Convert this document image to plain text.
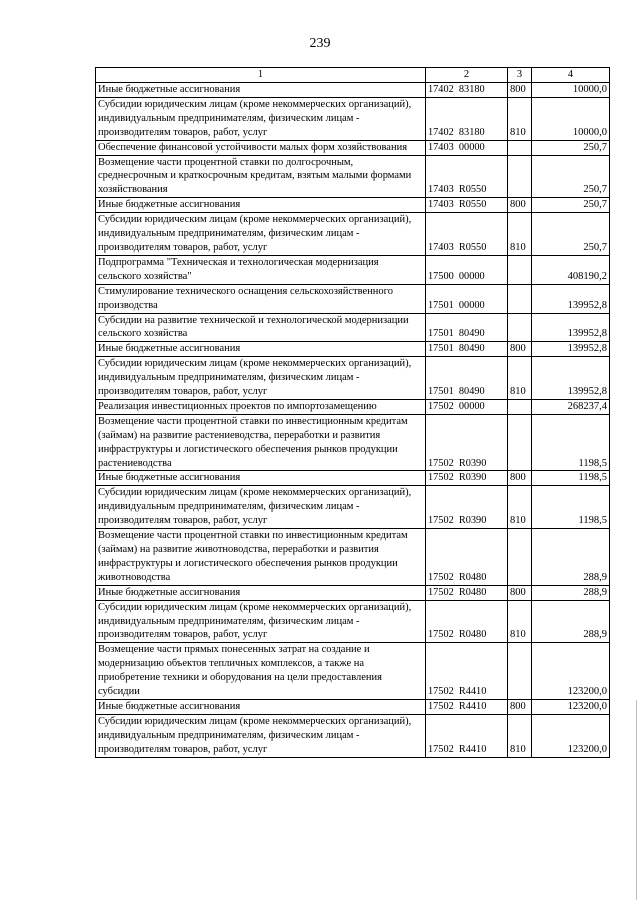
239
1	2	3	4
Иные бюджетные ассигнования	17402  83180	800	10000,0
Субсидии юридическим лицам (кроме некоммерческих организаций), индивидуальным предпринимателям, физическим лицам - производителям товаров, работ, услуг	17402  83180	810	10000,0
Обеспечение финансовой устойчивости малых форм хозяйствования	17403  00000		250,7
Возмещение части процентной ставки по долгосрочным, среднесрочным и краткосрочным кредитам, взятым малыми формами хозяйствования	17403  R0550		250,7
Иные бюджетные ассигнования	17403  R0550	800	250,7
Субсидии юридическим лицам (кроме некоммерческих организаций), индивидуальным предпринимателям, физическим лицам - производителям товаров, работ, услуг	17403  R0550	810	250,7
Подпрограмма "Техническая и технологическая модернизация сельского хозяйства"	17500  00000		408190,2
Стимулирование технического оснащения сельскохозяйственного производства	17501  00000		139952,8
Субсидии на развитие технической и технологической модернизации сельского хозяйства	17501  80490		139952,8
Иные бюджетные ассигнования	17501  80490	800	139952,8
Субсидии юридическим лицам (кроме некоммерческих организаций), индивидуальным предпринимателям, физическим лицам - производителям товаров, работ, услуг	17501  80490	810	139952,8
Реализация инвестиционных проектов по импортозамещению	17502  00000		268237,4
Возмещение части процентной ставки по инвестиционным кредитам (займам) на развитие растениеводства, переработки и развития инфраструктуры и логистического обеспечения рынков продукции растениеводства	17502  R0390		1198,5
Иные бюджетные ассигнования	17502  R0390	800	1198,5
Субсидии юридическим лицам (кроме некоммерческих организаций), индивидуальным предпринимателям, физическим лицам - производителям товаров, работ, услуг	17502  R0390	810	1198,5
Возмещение части процентной ставки по инвестиционным кредитам (займам) на развитие животноводства, переработки и развития инфраструктуры и логистического обеспечения рынков продукции животноводства	17502  R0480		288,9
Иные бюджетные ассигнования	17502  R0480	800	288,9
Субсидии юридическим лицам (кроме некоммерческих организаций), индивидуальным предпринимателям, физическим лицам - производителям товаров, работ, услуг	17502  R0480	810	288,9
Возмещение части прямых понесенных затрат на создание и модернизацию объектов тепличных комплексов, а также на приобретение техники и оборудования на цели предоставления субсидии	17502  R4410		123200,0
Иные бюджетные ассигнования	17502  R4410	800	123200,0
Субсидии юридическим лицам (кроме некоммерческих организаций), индивидуальным предпринимателям, физическим лицам - производителям товаров, работ, услуг	17502  R4410	810	123200,0
